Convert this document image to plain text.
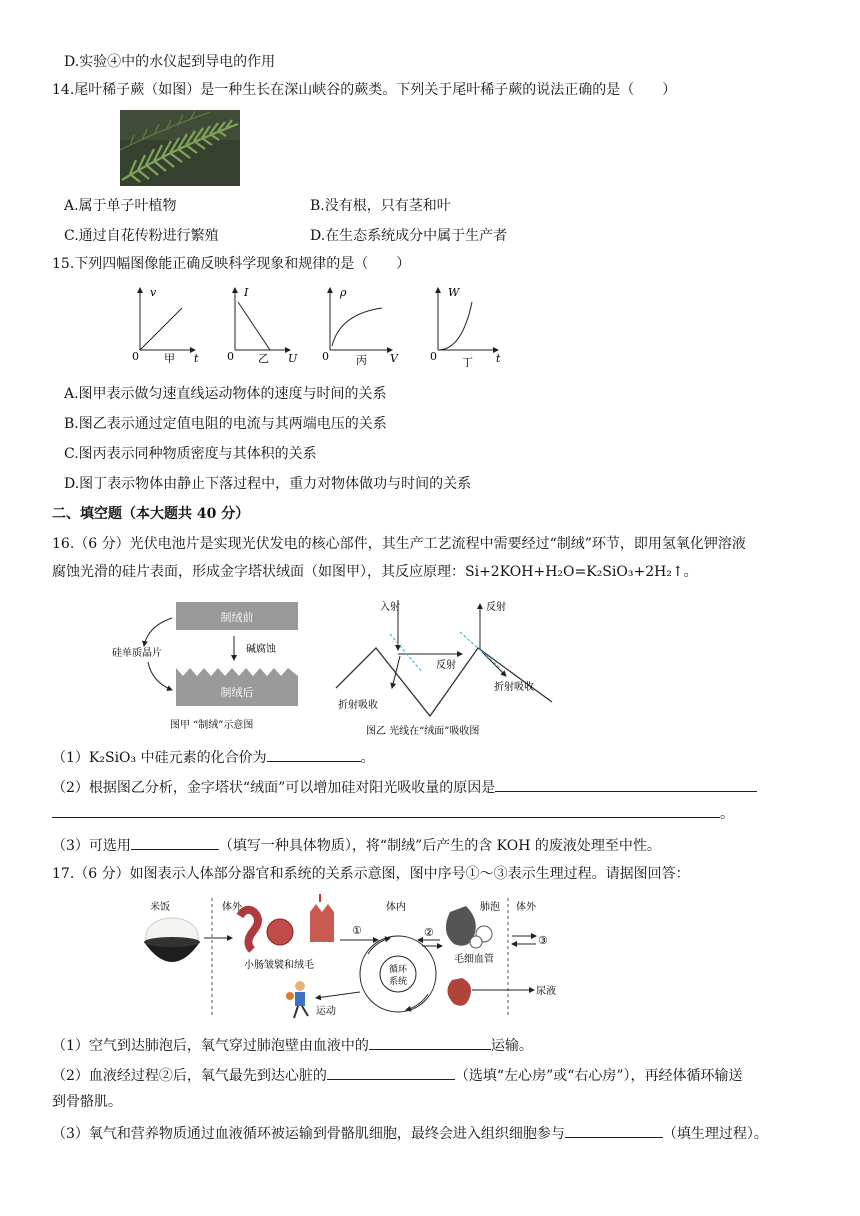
D.实验④中的水仪起到导电的作用
14.尾叶稀子蕨（如图）是一种生长在深山峡谷的蕨类。下列关于尾叶稀子蕨的说法正确的是（　　）
A.属于单子叶植物	B.没有根，只有茎和叶
C.通过自花传粉进行繁殖	D.在生态系统成分中属于生产者
15.下列四幅图像能正确反映科学现象和规律的是（　　）
v
0 甲 t
I
0 乙 U
ρ
0 丙 V
W
0 丁 t
A.图甲表示做匀速直线运动物体的速度与时间的关系
B.图乙表示通过定值电阻的电流与其两端电压的关系
C.图丙表示同种物质密度与其体积的关系
D.图丁表示物体由静止下落过程中，重力对物体做功与时间的关系
二、填空题（本大题共 40 分）
16.（6 分）光伏电池片是实现光伏发电的核心部件，其生产工艺流程中需要经过“制绒”环节，即用氢氧化钾溶液
腐蚀光滑的硅片表面，形成金字塔状绒面（如图甲），其反应原理：Si+2KOH+H₂O=K₂SiO₃+2H₂↑。
制绒前
碱腐蚀
制绒后
硅单质晶片
图甲 “制绒”示意图
入射	反射
反射
折射吸收
折射吸收
图乙 光线在“绒面”吸收图
（1）K₂SiO₃ 中硅元素的化合价为	。
（2）根据图乙分析，金字塔状“绒面”可以增加硅对阳光吸收量的原因是
。
（3）可选用	（填写一种具体物质），将“制绒”后产生的含 KOH 的废液处理至中性。
17.（6 分）如图表示人体部分器官和系统的关系示意图，图中序号①～③表示生理过程。请据图回答：
米饭	体外	体内	体外
小肠皱襞和绒毛
①
循环
系统
肺泡
②
毛细血管
③
尿液
运动
（1）空气到达肺泡后，氧气穿过肺泡壁由血液中的	运输。
（2）血液经过程②后，氧气最先到达心脏的	（选填“左心房”或“右心房”），再经体循环输送
到骨骼肌。
（3）氧气和营养物质通过血液循环被运输到骨骼肌细胞，最终会进入组织细胞参与	（填生理过程）。
